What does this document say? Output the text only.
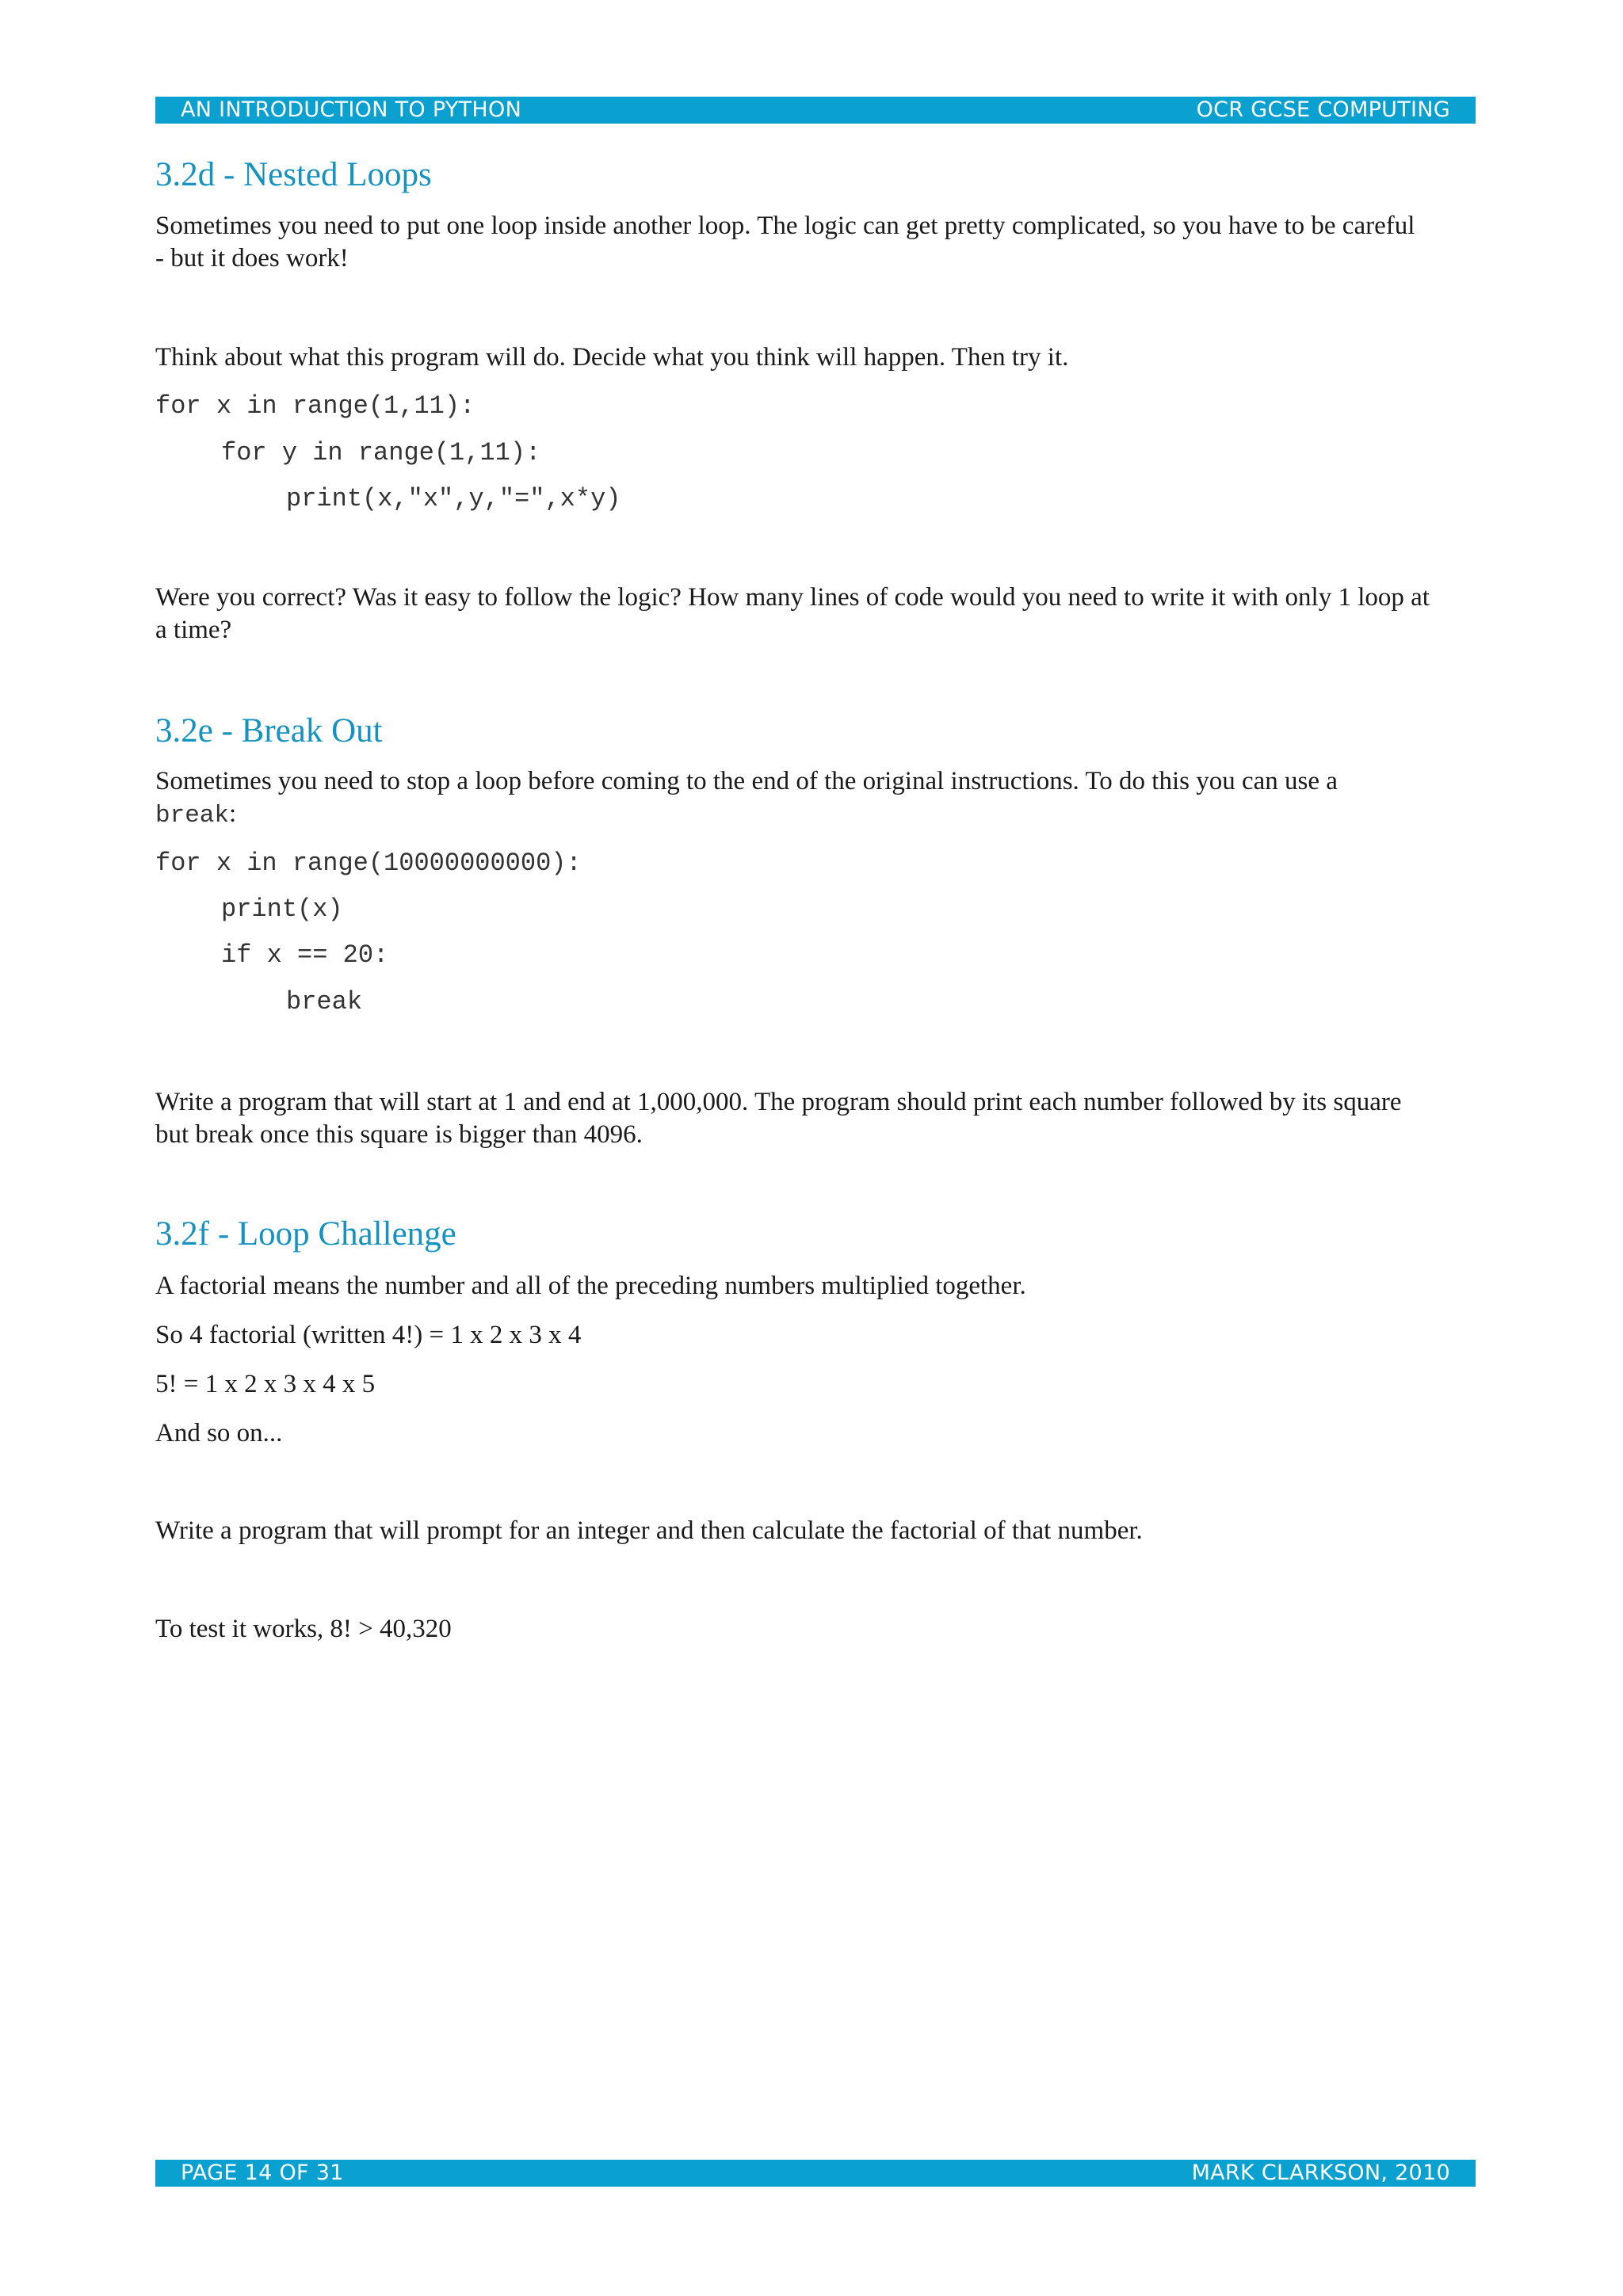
AN INTRODUCTION TO PYTHON	OCR GCSE COMPUTING
3.2d - Nested Loops

Sometimes you need to put one loop inside another loop. The logic can get pretty complicated, so you have to be careful

- but it does work!

Think about what this program will do. Decide what you think will happen. Then try it.

for x in range(1,11):
for y in range(1,11):
print(x,"x",y,"=",x*y)

Were you correct? Was it easy to follow the logic? How many lines of code would you need to write it with only 1 loop at

a time?

3.2e - Break Out

Sometimes you need to stop a loop before coming to the end of the original instructions. To do this you can use a

break:

for x in range(10000000000):
print(x)
if x == 20:
break

Write a program that will start at 1 and end at 1,000,000. The program should print each number followed by its square

but break once this square is bigger than 4096.

3.2f - Loop Challenge

A factorial means the number and all of the preceding numbers multiplied together.

So 4 factorial (written 4!) = 1 x 2 x 3 x 4

5! = 1 x 2 x 3 x 4 x 5

And so on...

Write a program that will prompt for an integer and then calculate the factorial of that number.

To test it works, 8! > 40,320

PAGE 14 OF 31	MARK CLARKSON, 2010
